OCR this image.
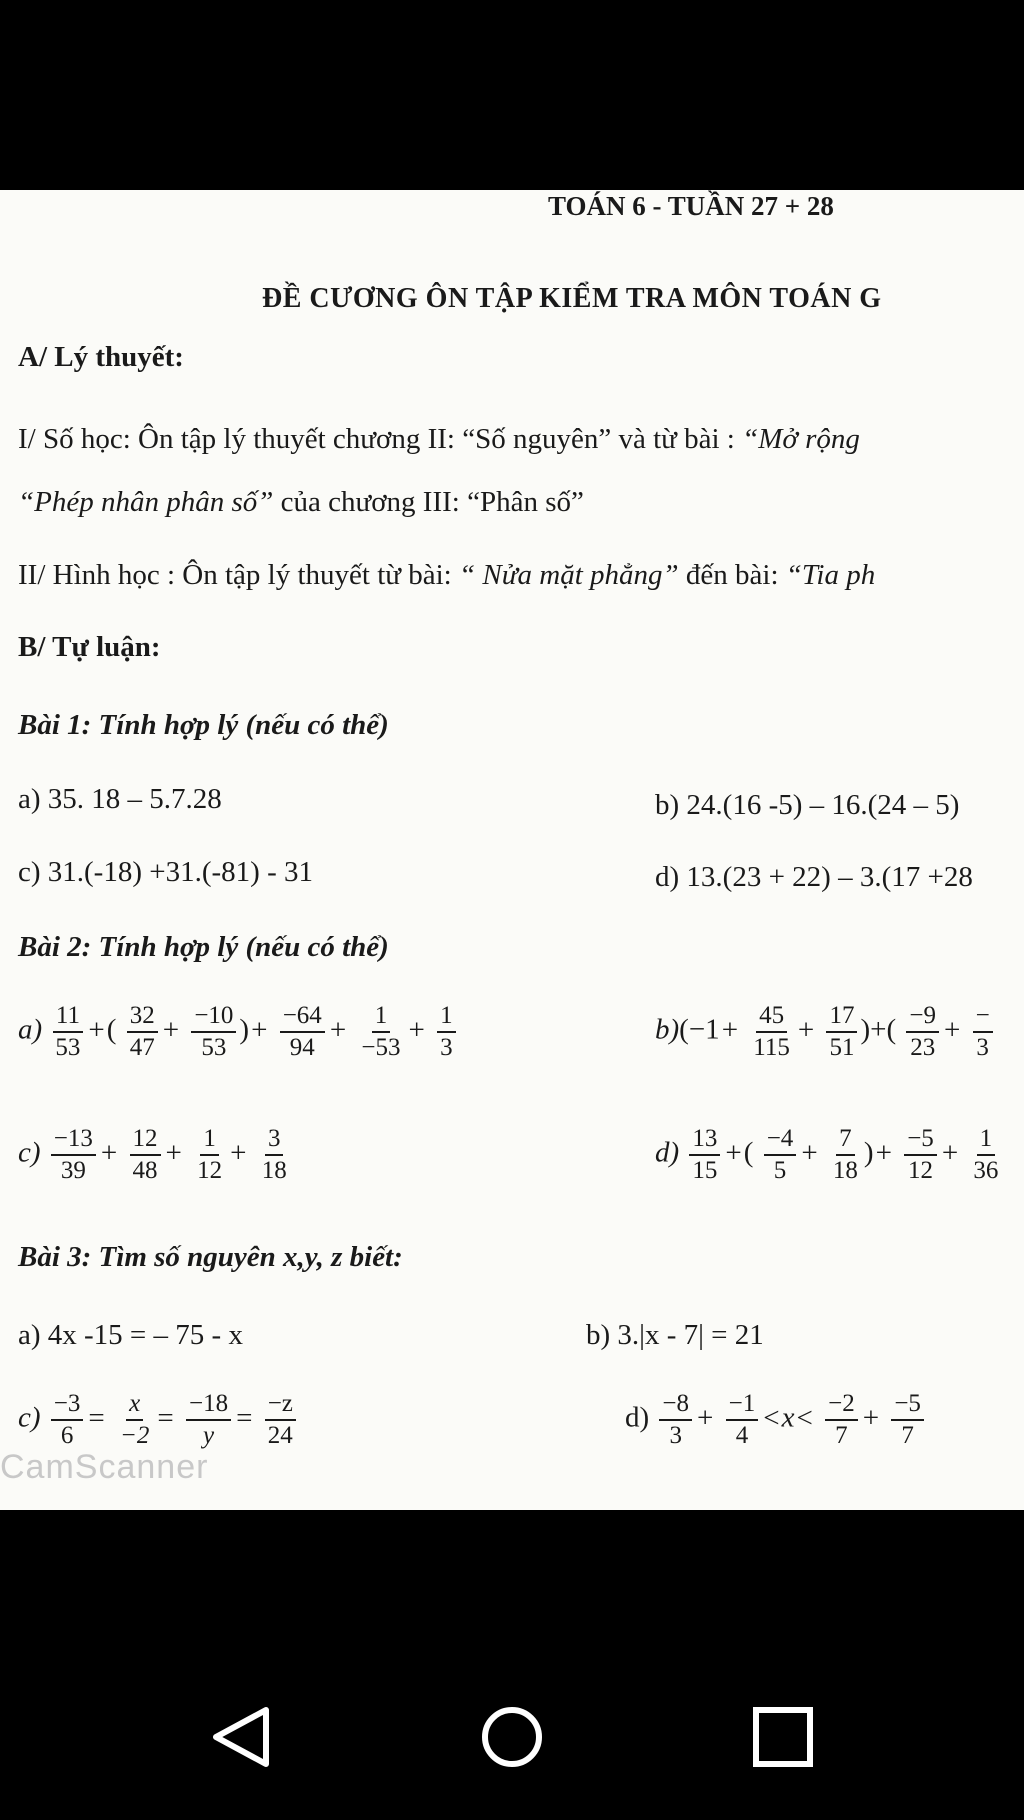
TOÁN 6 - TUẦN 27 + 28
ĐỀ CƯƠNG ÔN TẬP KIỂM TRA MÔN TOÁN G
A/ Lý thuyết:
I/ Số học: Ôn tập lý thuyết chương II: “Số nguyên” và từ bài : “Mở rộng
“Phép nhân phân số” của chương III: “Phân số”
II/ Hình học : Ôn tập lý thuyết từ bài: “ Nửa mặt phẳng” đến bài: “Tia ph
B/ Tự luận:
Bài 1: Tính hợp lý (nếu có thể)
a) 35. 18 – 5.7.28	b) 24.(16 -5) – 16.(24 – 5)
c) 31.(-18) +31.(-81) - 31	d) 13.(23 + 22) – 3.(17 +28
Bài 2: Tính hợp lý (nếu có thể)
$a) \frac{11}{53}$ +( $\frac{32}{47} + \frac{-10}{53}$ )+ $\frac{-64}{94} + \frac{1}{-53} + \frac{1}{3}$	$b)(-1+ \frac{45}{115} + \frac{17}{51}$ )+( $\frac{-9}{23} + \frac{-}{3}$
$c) \frac{-13}{39} + \frac{12}{48} + \frac{1}{12} + \frac{3}{18}$	$d) \frac{13}{15}$ +( $\frac{-4}{5} + \frac{7}{18}$ )+ $\frac{-5}{12} + \frac{1}{36}$
Bài 3: Tìm số nguyên x,y, z biết:
a) 4x -15 = – 75 - x	b) 3.|x - 7| = 21
CamScanner
$c) \frac{-3}{6} = \frac{x}{-2} = \frac{-18}{y} = \frac{-z}{24}$	$d) \frac{-8}{3} + \frac{-1}{4} <x< \frac{-2}{7} + \frac{-5}{7}$
